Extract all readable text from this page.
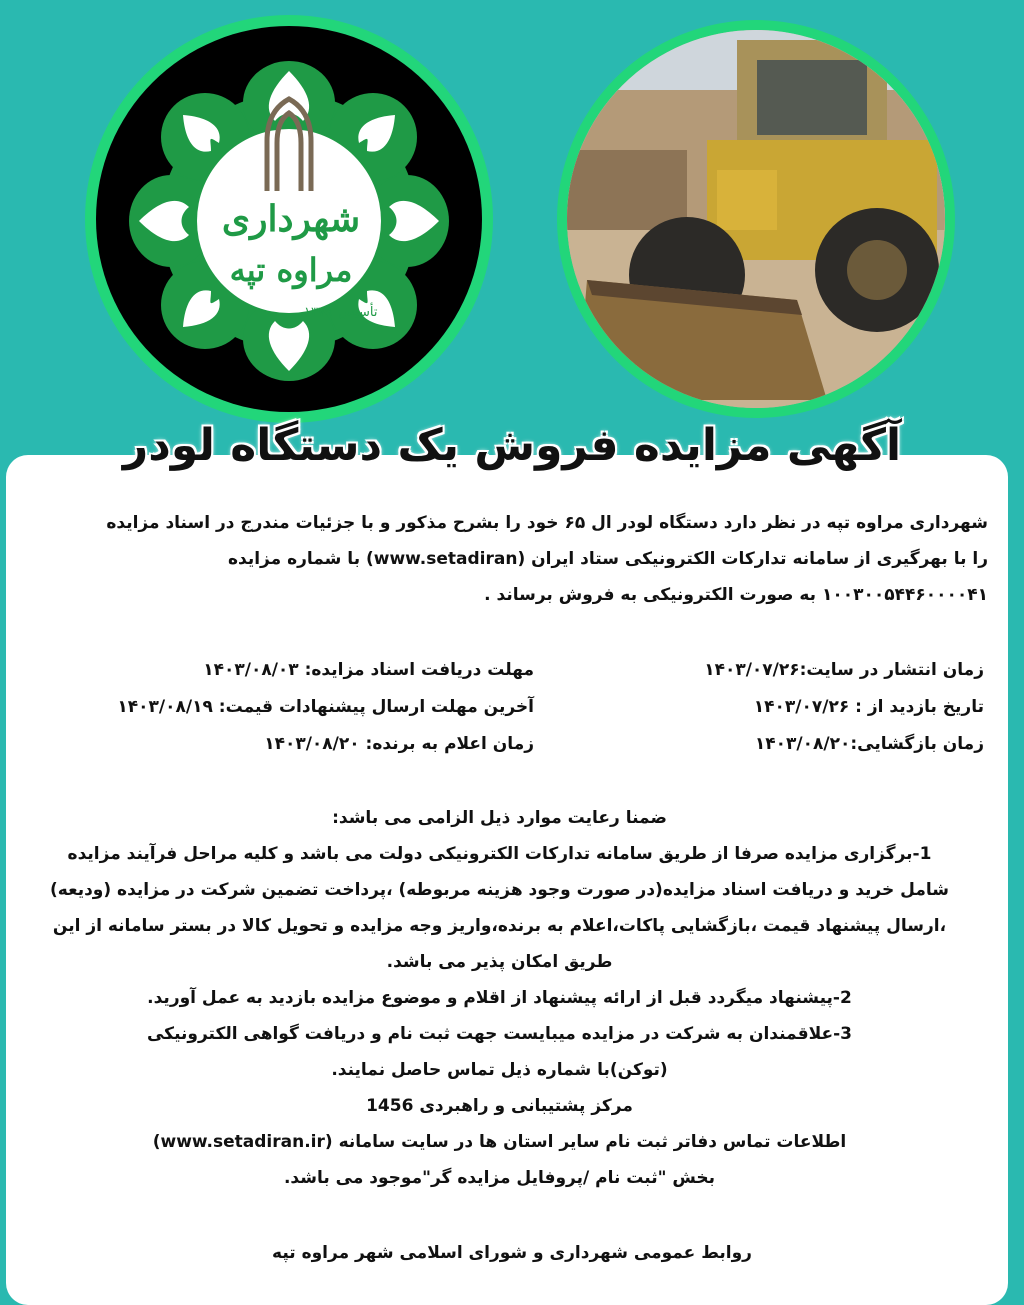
شهرداری
مراوه تپه
تأسیس
۱۳۷۹
آگهی مزایده فروش یک دستگاه لودر

شهرداری مراوه تپه در نظر دارد دستگاه لودر ال ۶۵ خود را بشرح مذکور و با جزئیات مندرج در اسناد مزایده

را با بهرگیری از سامانه تدارکات الکترونیکی ستاد ایران (www.setadiran) با شماره مزایده

۱۰۰۳۰۰۵۴۴۶۰۰۰۰۴۱ به صورت الکترونیکی به فروش برساند .

زمان انتشار در سایت:۱۴۰۳/۰۷/۲۶
تاریخ بازدید از : ۱۴۰۳/۰۷/۲۶
زمان بازگشایی:۱۴۰۳/۰۸/۲۰
مهلت دریافت اسناد مزایده: ۱۴۰۳/۰۸/۰۳
آخرین مهلت ارسال پیشنهادات قیمت: ۱۴۰۳/۰۸/۱۹
زمان اعلام به برنده: ۱۴۰۳/۰۸/۲۰

ضمنا رعایت موارد ذیل الزامی می باشد:

1-برگزاری مزایده صرفا از طریق سامانه تدارکات الکترونیکی دولت می باشد و کلیه مراحل فرآیند مزایده

شامل خرید و دریافت اسناد مزایده(در صورت وجود هزینه مربوطه) ،پرداخت تضمین شرکت در مزایده (ودیعه)

،ارسال پیشنهاد قیمت ،بازگشایی پاکات،اعلام به برنده،واریز وجه مزایده و تحویل کالا در بستر سامانه از این

طریق امکان پذیر می باشد.

2-پیشنهاد میگردد قبل از ارائه پیشنهاد از اقلام و موضوع مزایده بازدید به عمل آورید.

3-علاقمندان به شرکت در مزایده میبایست جهت ثبت نام و دریافت گواهی الکترونیکی

(توکن)با شماره ذیل تماس حاصل نمایند.

مرکز پشتیبانی و راهبردی 1456

اطلاعات تماس دفاتر ثبت نام سایر استان ها در سایت سامانه (www.setadiran.ir)

بخش "ثبت نام /پروفایل مزایده گر"موجود می باشد.

روابط عمومی شهرداری و شورای اسلامی شهر مراوه تپه
